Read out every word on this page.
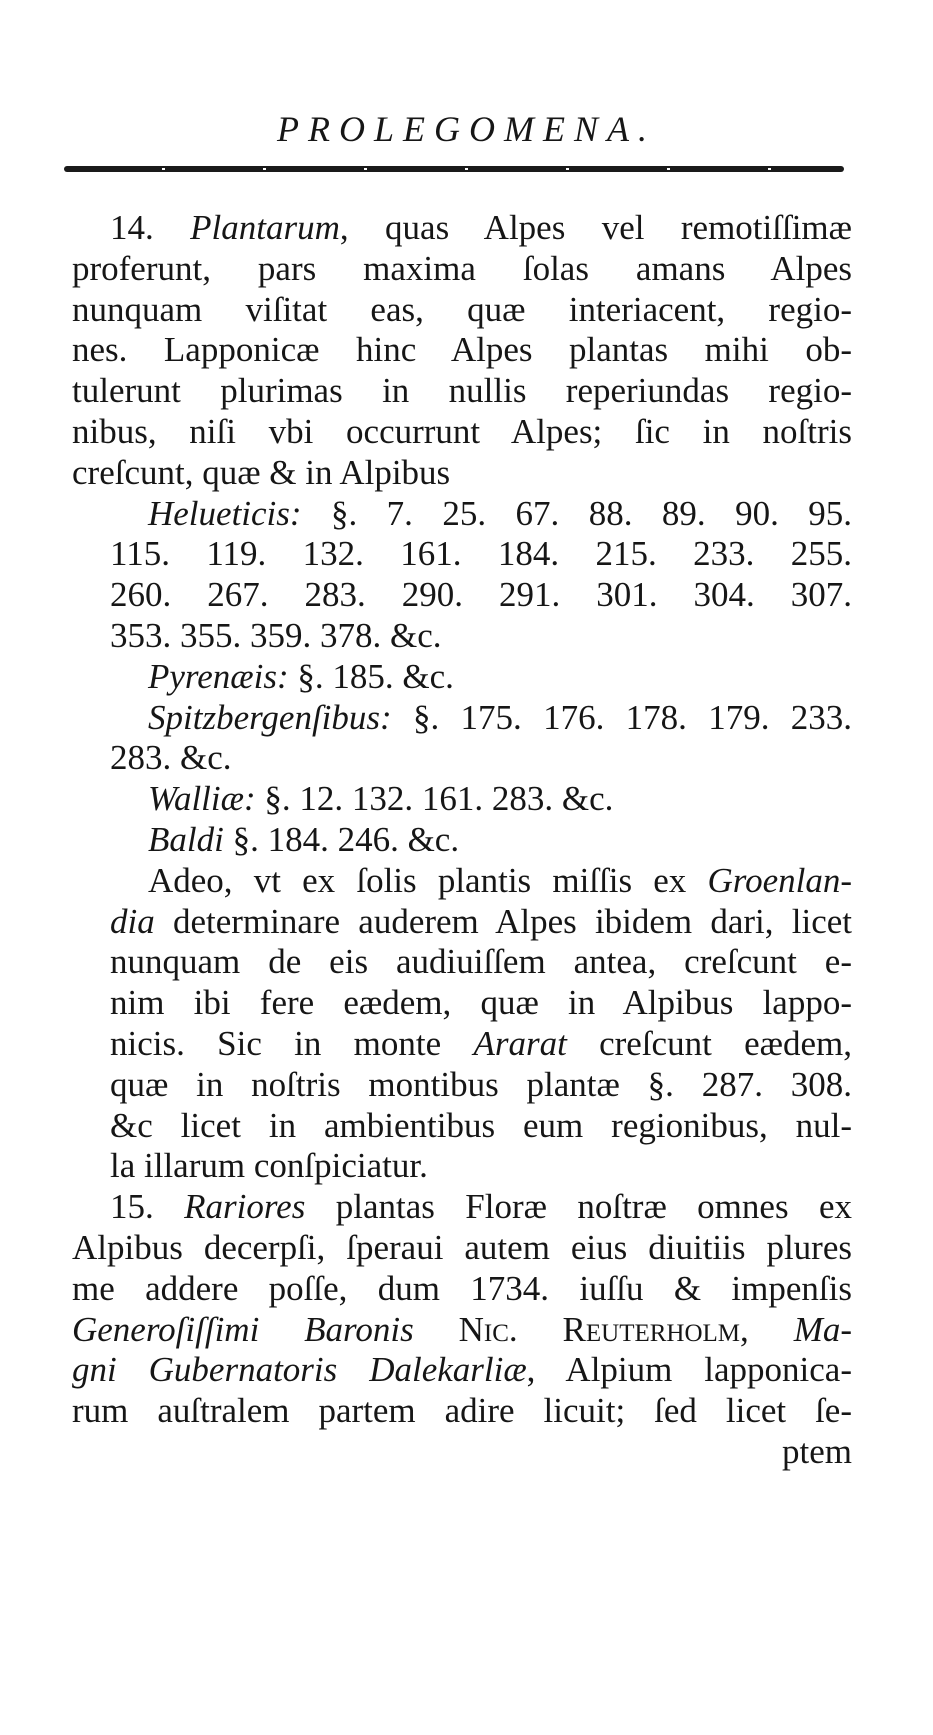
PROLEGOMENA.
14. Plantarum, quas Alpes vel remotiſſimæ
proferunt, pars maxima ſolas amans Alpes
nunquam viſitat eas, quæ interiacent, regio-
nes. Lapponicæ hinc Alpes plantas mihi ob-
tulerunt plurimas in nullis reperiundas regio-
nibus, niſi vbi occurrunt Alpes; ſic in noſtris
creſcunt, quæ & in Alpibus
Helueticis: §. 7. 25. 67. 88. 89. 90. 95.
115. 119. 132. 161. 184. 215. 233. 255.
260. 267. 283. 290. 291. 301. 304. 307.
353. 355. 359. 378. &c.
Pyrenæis: §. 185. &c.
Spitzbergenſibus: §. 175. 176. 178. 179. 233.
283. &c.
Walliæ: §. 12. 132. 161. 283. &c.
Baldi §. 184. 246. &c.
Adeo, vt ex ſolis plantis miſſis ex Groenlan-
dia determinare auderem Alpes ibidem dari, licet
nunquam de eis audiuiſſem antea, creſcunt e-
nim ibi fere eædem, quæ in Alpibus lappo-
nicis. Sic in monte Ararat creſcunt eædem,
quæ in noſtris montibus plantæ §. 287. 308.
&c licet in ambientibus eum regionibus, nul-
la illarum conſpiciatur.
15. Rariores plantas Floræ noſtræ omnes ex
Alpibus decerpſi, ſperaui autem eius diuitiis plures
me addere poſſe, dum 1734. iuſſu & impenſis
Generoſiſſimi Baronis Nic. Reuterholm, Ma-
gni Gubernatoris Dalekarliæ, Alpium lapponica-
rum auſtralem partem adire licuit; ſed licet ſe-
ptem
